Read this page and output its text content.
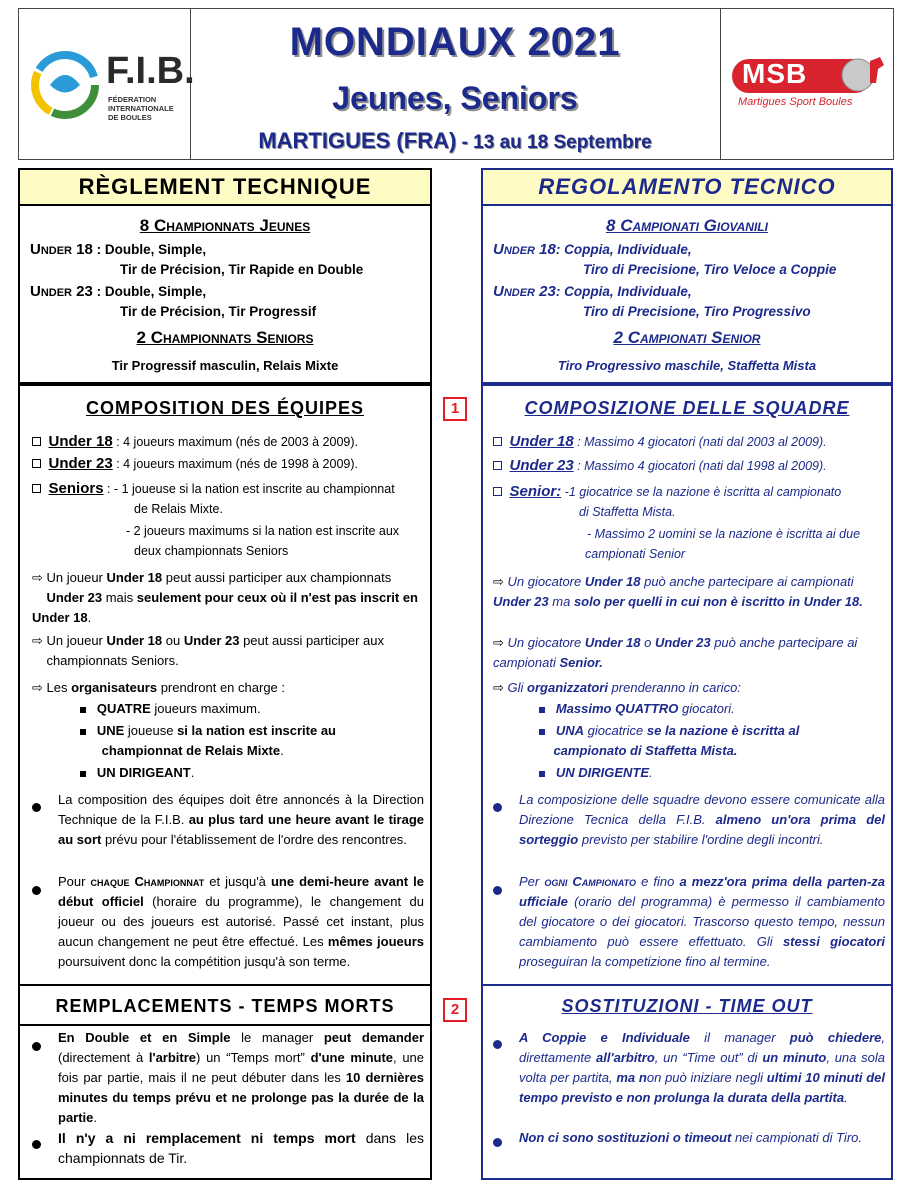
F.I.B.
FÉDERATION INTERNATIONALE DE BOULES
MONDIAUX 2021
Jeunes, Seniors
MARTIGUES (FRA) - 13 au 18 Septembre
MSB
Martigues Sport Boules
RÈGLEMENT TECHNIQUE
8 Championnats Jeunes
Under 18 : Double, Simple,
Tir de Précision, Tir Rapide en Double
Under 23 : Double, Simple,
Tir de Précision, Tir Progressif
2 Championnats Seniors
Tir Progressif masculin, Relais Mixte
COMPOSITION DES ÉQUIPES
Under 18 : 4 joueurs maximum (nés de 2003 à 2009).
Under 23 : 4 joueurs maximum (nés de 1998 à 2009).
Seniors : - 1 joueuse si la nation est inscrite au championnat
de Relais Mixte.
- 2 joueurs maximums si la nation est inscrite aux
deux championnats Seniors
⇨ Un joueur Under 18 peut aussi participer aux championnats
Under 23 mais seulement pour ceux où il n'est pas inscrit en Under 18.
⇨ Un joueur Under 18 ou Under 23 peut aussi participer aux
championnats Seniors.
⇨ Les organisateurs prendront en charge :
QUATRE joueurs maximum.
UNE joueuse si la nation est inscrite au
championnat de Relais Mixte.
UN DIRIGEANT.
La composition des équipes doit être annoncés à la Direction Technique de la F.I.B. au plus tard une heure avant le tirage au sort prévu pour l'établissement de l'ordre des rencontres.
Pour chaque Championnat et jusqu'à une demi-heure avant le début officiel (horaire du programme), le changement du joueur ou des joueurs est autorisé. Passé cet instant, plus aucun changement ne peut être effectué. Les mêmes joueurs poursuivent donc la compétition jusqu'à son terme.
REMPLACEMENTS - TEMPS MORTS
En Double et en Simple le manager peut demander (directement à l'arbitre) un “Temps mort” d'une minute, une fois par partie, mais il ne peut débuter dans les 10 dernières minutes du temps prévu et ne prolonge pas la durée de la partie.
Il n'y a ni remplacement ni temps mort dans les championnats de Tir.
1
2
REGOLAMENTO TECNICO
8 Campionati Giovanili
Under 18: Coppia, Individuale,
Tiro di Precisione, Tiro Veloce a Coppie
Under 23: Coppia, Individuale,
Tiro di Precisione, Tiro Progressivo
2 Campionati Senior
Tiro Progressivo maschile, Staffetta Mista
COMPOSIZIONE DELLE SQUADRE
Under 18 : Massimo 4 giocatori (nati dal 2003 al 2009).
Under 23 : Massimo 4 giocatori (nati dal 1998 al 2009).
Senior: -1 giocatrice se la nazione è iscritta al campionato
di Staffetta Mista.
- Massimo 2 uomini se la nazione è iscritta ai due
campionati Senior
⇨ Un giocatore Under 18 può anche partecipare ai campionati Under 23 ma solo per quelli in cui non è iscritto in Under 18.
⇨ Un giocatore Under 18 o Under 23 può anche partecipare ai campionati Senior.
⇨ Gli organizzatori prenderanno in carico:
Massimo QUATTRO giocatori.
UNA giocatrice se la nazione è iscritta al
campionato di Staffetta Mista.
UN DIRIGENTE.
La composizione delle squadre devono essere comunicate alla Direzione Tecnica della F.I.B. almeno un'ora prima del sorteggio previsto per stabilire l'ordine degli incontri.
Per ogni Campionato e fino a mezz'ora prima della parten-za ufficiale (orario del programma) è permesso il cambiamento del giocatore o dei giocatori. Trascorso questo tempo, nessun cambiamento può essere effettuato. Gli stessi giocatori proseguiran la competizione fino al termine.
SOSTITUZIONI - TIME OUT
A Coppie e Individuale il manager può chiedere, direttamente all'arbitro, un “Time out” di un minuto, una sola volta per partita, ma non può iniziare negli ultimi 10 minuti del tempo previsto e non prolunga la durata della partita.
Non ci sono sostituzioni o timeout nei campionati di Tiro.
